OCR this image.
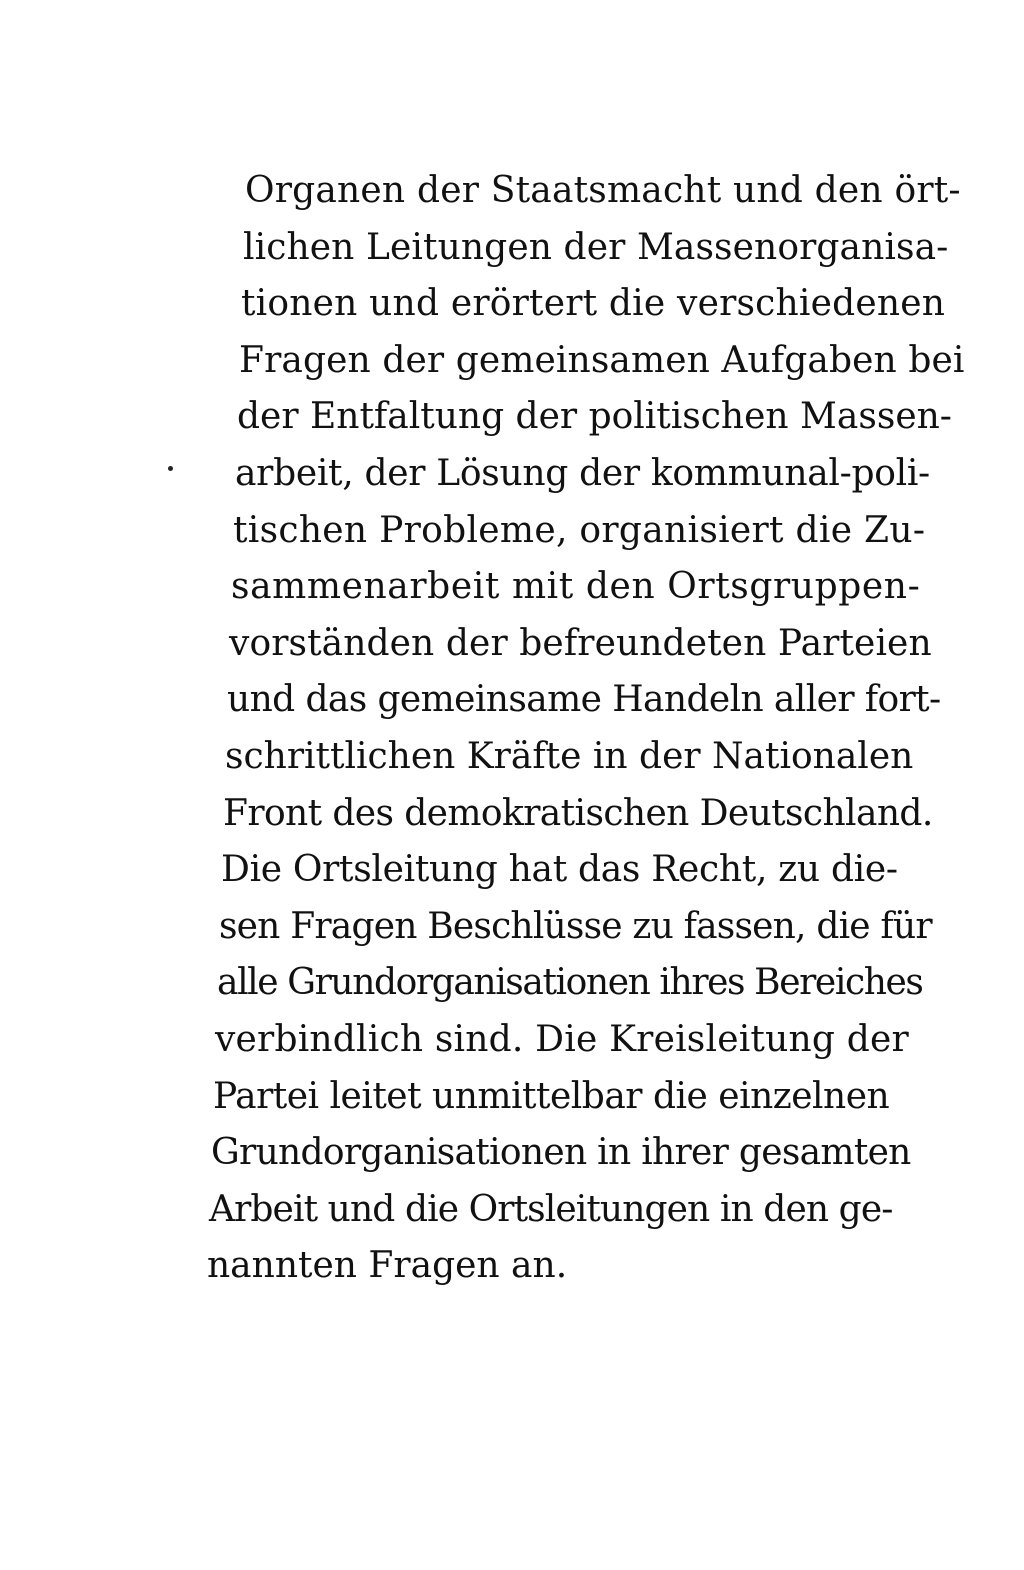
Organen der Staatsmacht und den ört-
lichen Leitungen der Massenorganisa-
tionen und erörtert die verschiedenen
Fragen der gemeinsamen Aufgaben bei
der Entfaltung der politischen Massen-
arbeit, der Lösung der kommunal-poli-
tischen Probleme, organisiert die Zu-
sammenarbeit mit den Ortsgruppen-
vorständen der befreundeten Parteien
und das gemeinsame Handeln aller fort-
schrittlichen Kräfte in der Nationalen
Front des demokratischen Deutschland.
Die Ortsleitung hat das Recht, zu die-
sen Fragen Beschlüsse zu fassen, die für
alle Grundorganisationen ihres Bereiches
verbindlich sind. Die Kreisleitung der
Partei leitet unmittelbar die einzelnen
Grundorganisationen in ihrer gesamten
Arbeit und die Ortsleitungen in den ge-
nannten Fragen an.
